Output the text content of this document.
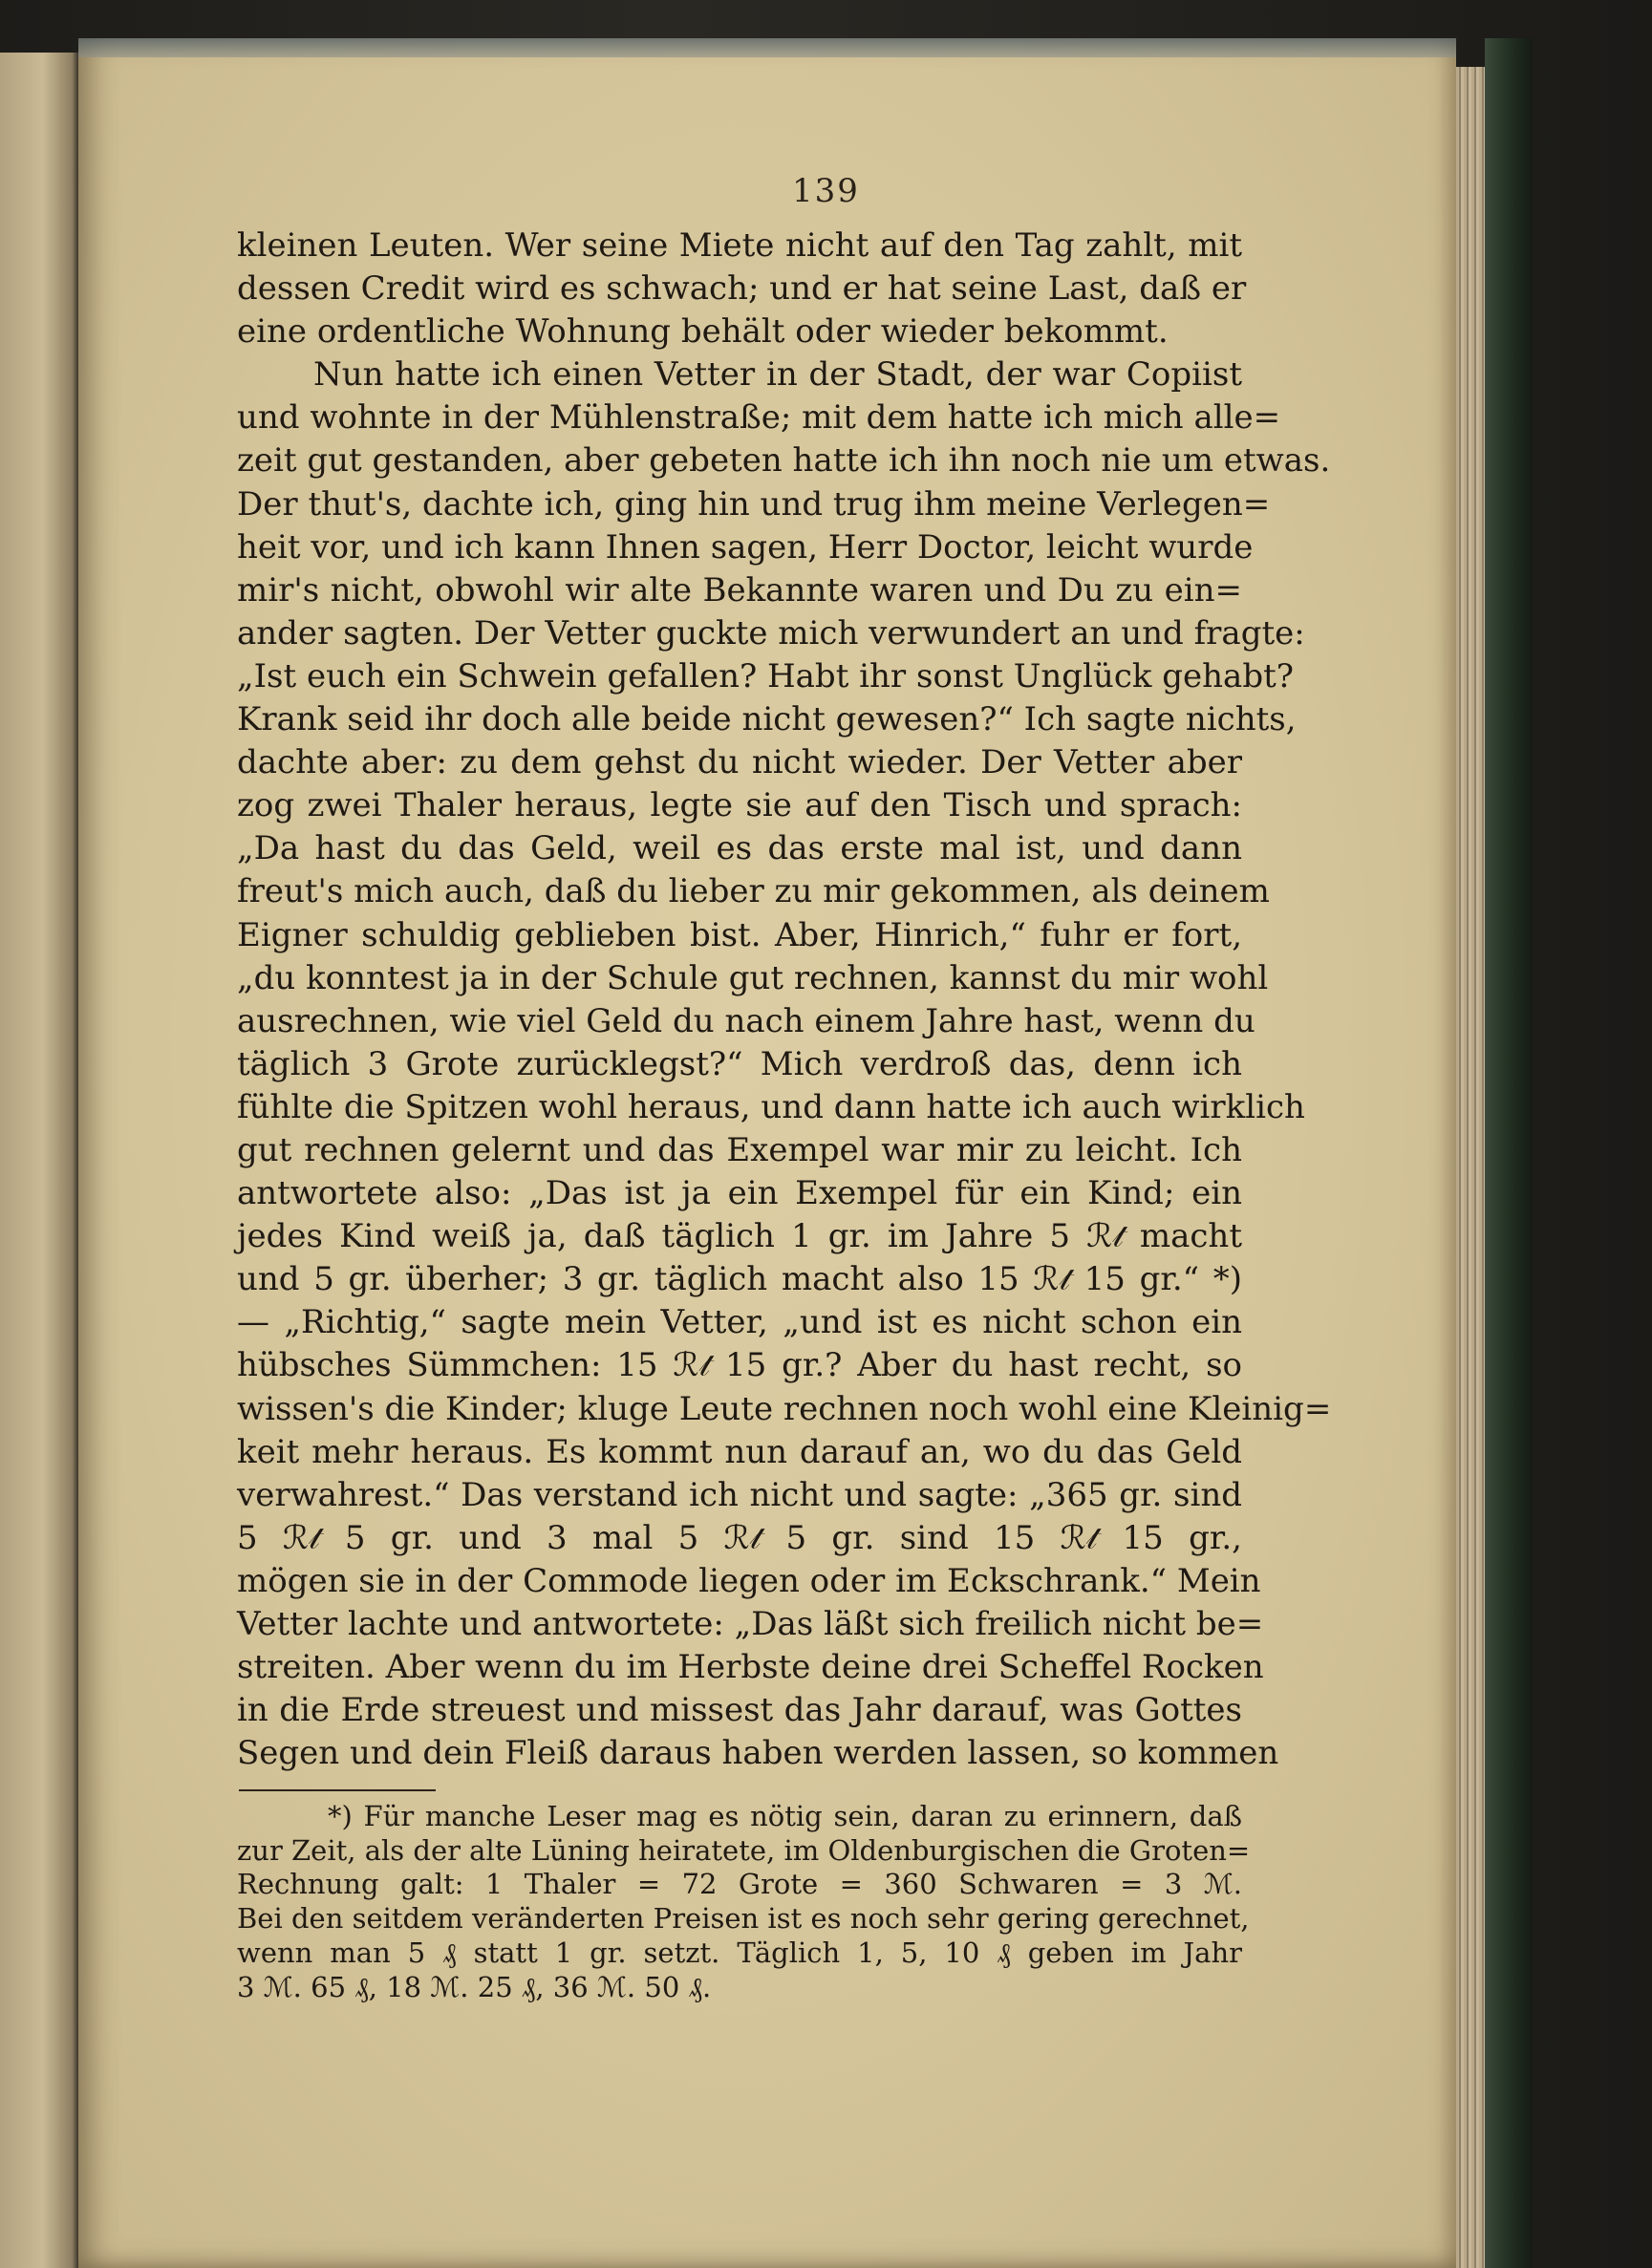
139
kleinen Leuten. Wer seine Miete nicht auf den Tag zahlt, mit
dessen Credit wird es schwach; und er hat seine Last, daß er
eine ordentliche Wohnung behält oder wieder bekommt.
Nun hatte ich einen Vetter in der Stadt, der war Copiist
und wohnte in der Mühlenstraße; mit dem hatte ich mich alle=
zeit gut gestanden, aber gebeten hatte ich ihn noch nie um etwas.
Der thut's, dachte ich, ging hin und trug ihm meine Verlegen=
heit vor, und ich kann Ihnen sagen, Herr Doctor, leicht wurde
mir's nicht, obwohl wir alte Bekannte waren und Du zu ein=
ander sagten. Der Vetter guckte mich verwundert an und fragte:
„Ist euch ein Schwein gefallen? Habt ihr sonst Unglück gehabt?
Krank seid ihr doch alle beide nicht gewesen?“ Ich sagte nichts,
dachte aber: zu dem gehst du nicht wieder. Der Vetter aber
zog zwei Thaler heraus, legte sie auf den Tisch und sprach:
„Da hast du das Geld, weil es das erste mal ist, und dann
freut's mich auch, daß du lieber zu mir gekommen, als deinem
Eigner schuldig geblieben bist. Aber, Hinrich,“ fuhr er fort,
„du konntest ja in der Schule gut rechnen, kannst du mir wohl
ausrechnen, wie viel Geld du nach einem Jahre hast, wenn du
täglich 3 Grote zurücklegst?“ Mich verdroß das, denn ich
fühlte die Spitzen wohl heraus, und dann hatte ich auch wirklich
gut rechnen gelernt und das Exempel war mir zu leicht. Ich
antwortete also: „Das ist ja ein Exempel für ein Kind; ein
jedes Kind weiß ja, daß täglich 1 gr. im Jahre 5 ℛ𝓉 macht
und 5 gr. überher; 3 gr. täglich macht also 15 ℛ𝓉 15 gr.“ *)
— „Richtig,“ sagte mein Vetter, „und ist es nicht schon ein
hübsches Sümmchen: 15 ℛ𝓉 15 gr.? Aber du hast recht, so
wissen's die Kinder; kluge Leute rechnen noch wohl eine Kleinig=
keit mehr heraus. Es kommt nun darauf an, wo du das Geld
verwahrest.“ Das verstand ich nicht und sagte: „365 gr. sind
5 ℛ𝓉 5 gr. und 3 mal 5 ℛ𝓉 5 gr. sind 15 ℛ𝓉 15 gr.,
mögen sie in der Commode liegen oder im Eckschrank.“ Mein
Vetter lachte und antwortete: „Das läßt sich freilich nicht be=
streiten. Aber wenn du im Herbste deine drei Scheffel Rocken
in die Erde streuest und missest das Jahr darauf, was Gottes
Segen und dein Fleiß daraus haben werden lassen, so kommen
*) Für manche Leser mag es nötig sein, daran zu erinnern, daß
zur Zeit, als der alte Lüning heiratete, im Oldenburgischen die Groten=
Rechnung galt: 1 Thaler = 72 Grote = 360 Schwaren = 3 ℳ.
Bei den seitdem veränderten Preisen ist es noch sehr gering gerechnet,
wenn man 5 ₰ statt 1 gr. setzt. Täglich 1, 5, 10 ₰ geben im Jahr
3 ℳ. 65 ₰, 18 ℳ. 25 ₰, 36 ℳ. 50 ₰.
